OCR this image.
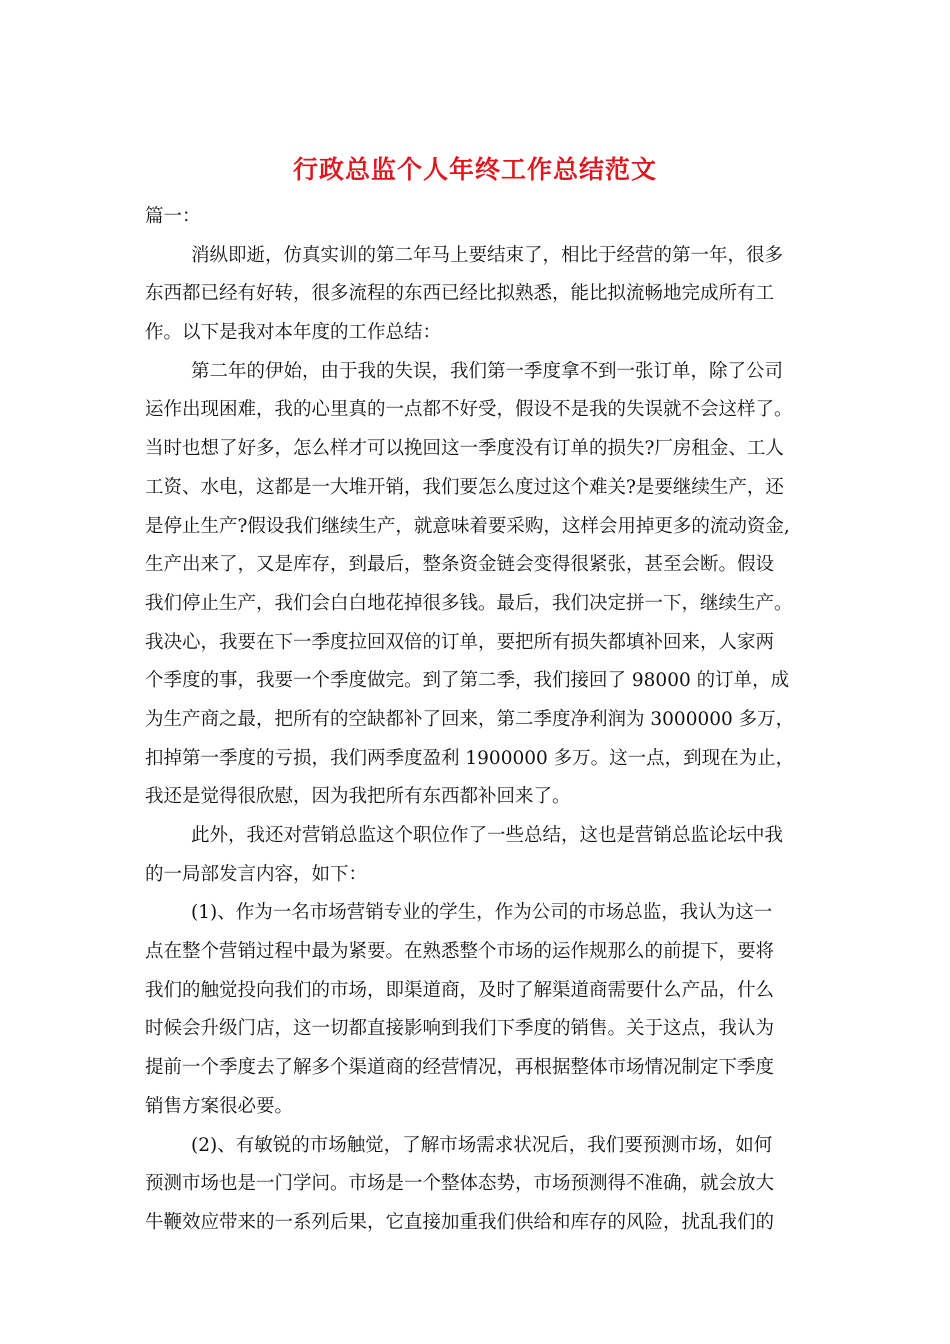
行政总监个人年终工作总结范文
篇一：
消纵即逝，仿真实训的第二年马上要结束了，相比于经营的第一年，很多
东西都已经有好转，很多流程的东西已经比拟熟悉，能比拟流畅地完成所有工
作。以下是我对本年度的工作总结：
第二年的伊始，由于我的失误，我们第一季度拿不到一张订单，除了公司
运作出现困难，我的心里真的一点都不好受，假设不是我的失误就不会这样了。
当时也想了好多，怎么样才可以挽回这一季度没有订单的损失?厂房租金、工人
工资、水电，这都是一大堆开销，我们要怎么度过这个难关?是要继续生产，还
是停止生产?假设我们继续生产，就意味着要采购，这样会用掉更多的流动资金,
生产出来了，又是库存，到最后，整条资金链会变得很紧张，甚至会断。假设
我们停止生产，我们会白白地花掉很多钱。最后，我们决定拼一下，继续生产。
我决心，我要在下一季度拉回双倍的订单，要把所有损失都填补回来，人家两
个季度的事，我要一个季度做完。到了第二季，我们接回了 98000 的订单，成
为生产商之最，把所有的空缺都补了回来，第二季度净利润为 3000000 多万，
扣掉第一季度的亏损，我们两季度盈利 1900000 多万。这一点，到现在为止，
我还是觉得很欣慰，因为我把所有东西都补回来了。
此外，我还对营销总监这个职位作了一些总结，这也是营销总监论坛中我
的一局部发言内容，如下：
(1)、作为一名市场营销专业的学生，作为公司的市场总监，我认为这一
点在整个营销过程中最为紧要。在熟悉整个市场的运作规那么的前提下，要将
我们的触觉投向我们的市场，即渠道商，及时了解渠道商需要什么产品，什么
时候会升级门店，这一切都直接影响到我们下季度的销售。关于这点，我认为
提前一个季度去了解多个渠道商的经营情况，再根据整体市场情况制定下季度
销售方案很必要。
(2)、有敏锐的市场触觉，了解市场需求状况后，我们要预测市场，如何
预测市场也是一门学问。市场是一个整体态势，市场预测得不准确，就会放大
牛鞭效应带来的一系列后果，它直接加重我们供给和库存的风险，扰乱我们的
